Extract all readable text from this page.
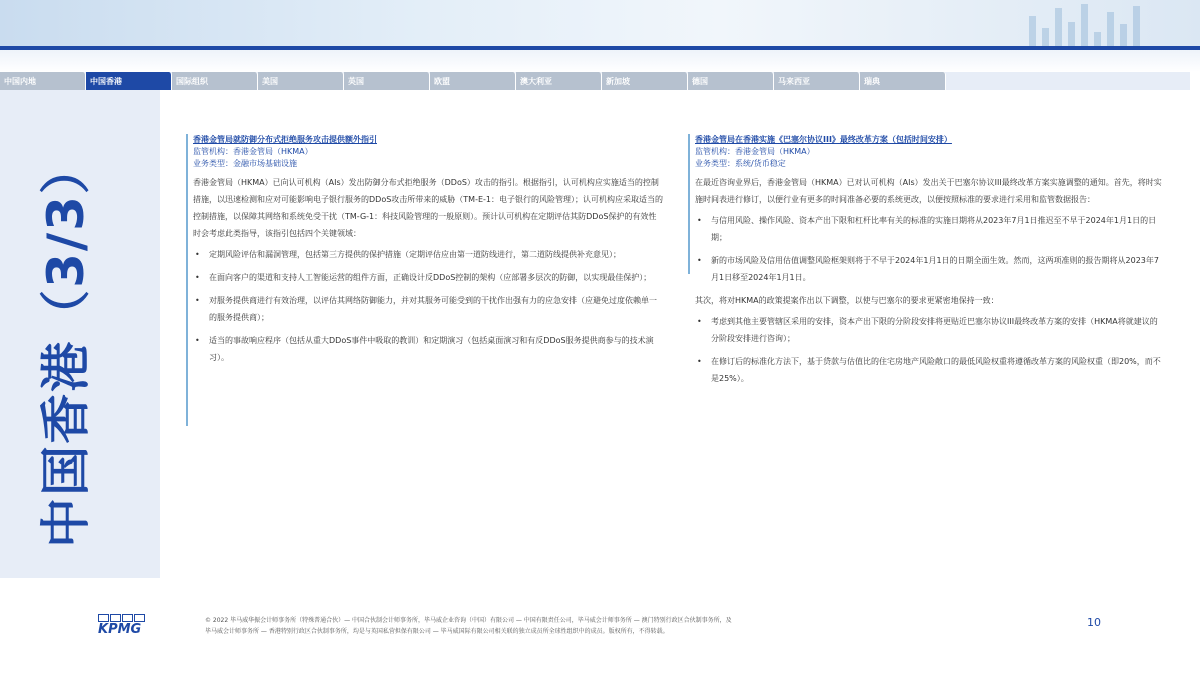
中国内地	中国香港	国际组织	美国	英国	欧盟	澳大利亚	新加坡	德国	马来西亚	瑞典
中国香港（3/3）
香港金管局就防御分布式拒绝服务攻击提供额外指引
监管机构：香港金管局（HKMA）
业务类型：金融市场基础设施

香港金管局（HKMA）已向认可机构（AIs）发出防御分布式拒绝服务（DDoS）攻击的指引。根据指引，认可机构应实施适当的控制措施，以迅速检测和应对可能影响电子银行服务的DDoS攻击所带来的威胁（TM-E-1：电子银行的风险管理）；认可机构应采取适当的控制措施，以保障其网络和系统免受干扰（TM-G-1：科技风险管理的一般原则）。预计认可机构在定期评估其防DDoS保护的有效性时会考虑此类指导，该指引包括四个关键领域：

• 定期风险评估和漏洞管理，包括第三方提供的保护措施（定期评估应由第一道防线进行，第二道防线提供补充意见）；
• 在面向客户的渠道和支持人工智能运营的组件方面，正确设计反DDoS控制的架构（应部署多层次的防御，以实现最佳保护）；
• 对服务提供商进行有效治理，以评估其网络防御能力，并对其服务可能受到的干扰作出强有力的应急安排（应避免过度依赖单一的服务提供商）；
• 适当的事故响应程序（包括从重大DDoS事件中吸取的教训）和定期演习（包括桌面演习和有反DDoS服务提供商参与的技术演习）。
香港金管局在香港实施《巴塞尔协议III》最终改革方案（包括时间安排）
监管机构：香港金管局（HKMA）
业务类型：系统/货币稳定

在最近咨询业界后，香港金管局（HKMA）已对认可机构（AIs）发出关于巴塞尔协议III最终改革方案实施调整的通知。首先，将时实施时间表进行修订，以便行业有更多的时间准备必要的系统更改，以便按照标准的要求进行采用和监管数据报告：

• 与信用风险、操作风险、资本产出下限和杠杆比率有关的标准的实施日期将从2023年7月1日推迟至不早于2024年1月1日的日期；
• 新的市场风险及信用估值调整风险框架则将于不早于2024年1月1日的日期全面生效。然而，这两项准则的报告期将从2023年7月1日移至2024年1月1日。

其次，将对HKMA的政策提案作出以下调整，以使与巴塞尔的要求更紧密地保持一致：

• 考虑到其他主要管辖区采用的安排，资本产出下限的分阶段安排将更贴近巴塞尔协议III最终改革方案的安排（HKMA将就建议的分阶段安排进行咨询）；
• 在修订后的标准化方法下，基于贷款与估值比的住宅房地产风险敞口的最低风险权重将遵循改革方案的风险权重（即20%，而不是25%）。
KPMG
© 2022 毕马威华振会计师事务所（特殊普通合伙）— 中国合伙制会计师事务所，毕马威企业咨询（中国）有限公司 — 中国有限责任公司，毕马威会计师事务所 — 澳门特别行政区合伙制事务所，及
毕马威会计师事务所 — 香港特别行政区合伙制事务所，均是与英国私营担保有限公司 — 毕马威国际有限公司相关联的独立成员所全球性组织中的成员。版权所有，不得转载。
10
